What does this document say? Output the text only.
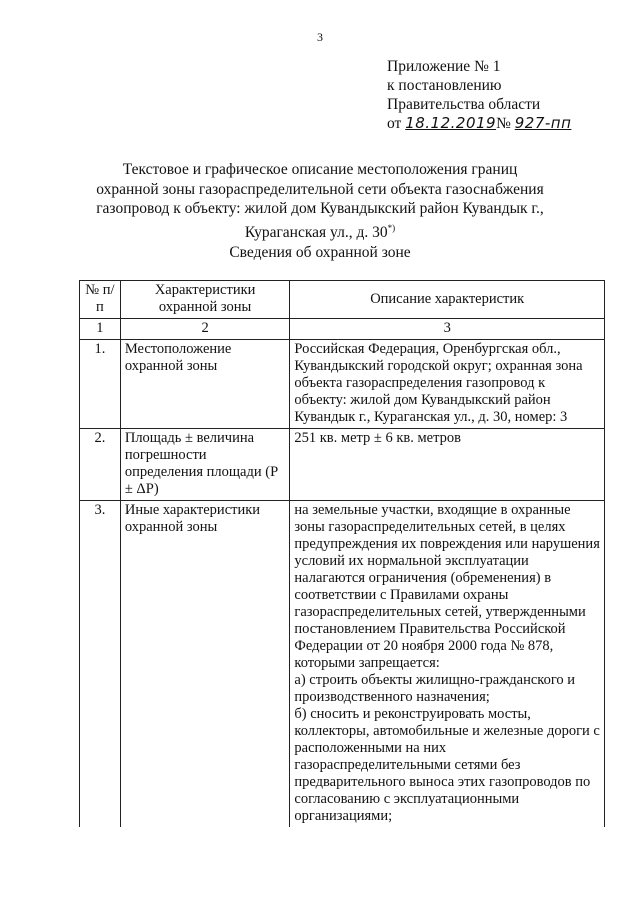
3
Приложение № 1
к постановлению
Правительства области
от 18.12.2019№ 927-пп
Текстовое и графическое описание местоположения границ
охранной зоны газораспределительной сети объекта газоснабжения
газопровод к объекту: жилой дом Кувандыкский район Кувандык г.,
Кураганская ул., д. 30*)
Сведения об охранной зоне
№ п/п	Характеристики охранной зоны	Описание характеристик
1	2	3
1.	Местоположение охранной зоны	Российская Федерация, Оренбургская обл., Кувандыкский городской округ; охранная зона объекта газораспределения газопровод к объекту: жилой дом Кувандыкский район Кувандык г., Кураганская ул., д. 30, номер: 3

2.	Площадь ± величина погрешности определения площади (P ± ΔP)	251 кв. метр ± 6 кв. метров

3.	Иные характеристики охранной зоны	на земельные участки, входящие в охранные зоны газораспределительных сетей, в целях предупреждения их повреждения или нарушения условий их нормальной эксплуатации налагаются ограничения (обременения) в соответствии с Правилами охраны газораспределительных сетей, утвержденными постановлением Правительства Российской Федерации от 20 ноября 2000 года № 878, которыми запрещается:
а) строить объекты жилищно-гражданского и производственного назначения;
б) сносить и реконструировать мосты, коллекторы, автомобильные и железные дороги с расположенными на них газораспределительными сетями без предварительного выноса этих газопроводов по согласованию с эксплуатационными организациями;
